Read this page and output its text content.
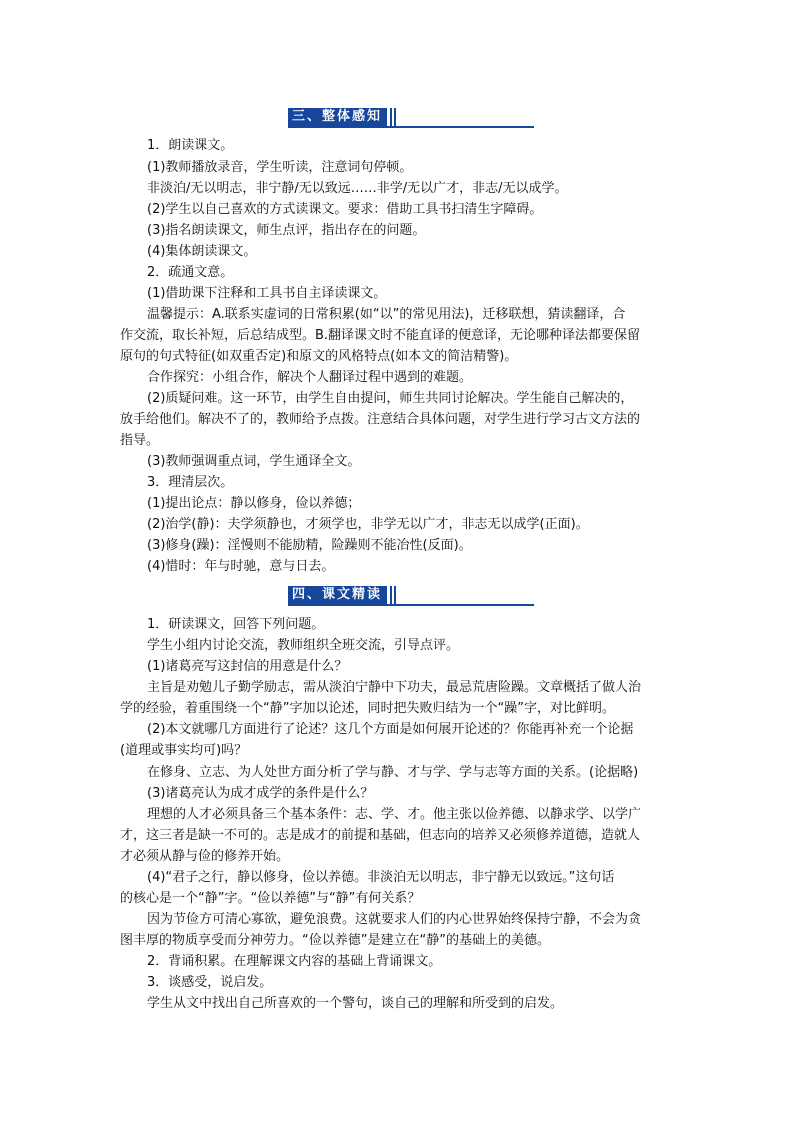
三、整体感知
1．朗读课文。
(1)教师播放录音，学生听读，注意词句停顿。
非淡泊/无以明志，非宁静/无以致远……非学/无以广才，非志/无以成学。
(2)学生以自己喜欢的方式读课文。要求：借助工具书扫清生字障碍。
(3)指名朗读课文，师生点评，指出存在的问题。
(4)集体朗读课文。
2．疏通文意。
(1)借助课下注释和工具书自主译读课文。
温馨提示：A.联系实虚词的日常积累(如“以”的常见用法)，迁移联想，猜读翻译，合
作交流，取长补短，后总结成型。B.翻译课文时不能直译的便意译，无论哪种译法都要保留
原句的句式特征(如双重否定)和原文的风格特点(如本文的简洁精警)。
合作探究：小组合作，解决个人翻译过程中遇到的难题。
(2)质疑问难。这一环节，由学生自由提问，师生共同讨论解决。学生能自己解决的，
放手给他们。解决不了的，教师给予点拨。注意结合具体问题，对学生进行学习古文方法的
指导。
(3)教师强调重点词，学生通译全文。
3．理清层次。
(1)提出论点：静以修身，俭以养德；
(2)治学(静)：夫学须静也，才须学也，非学无以广才，非志无以成学(正面)。
(3)修身(躁)：淫慢则不能励精，险躁则不能冶性(反面)。
(4)惜时：年与时驰，意与日去。
四、课文精读
1．研读课文，回答下列问题。
学生小组内讨论交流，教师组织全班交流，引导点评。
(1)诸葛亮写这封信的用意是什么？
主旨是劝勉儿子勤学励志，需从淡泊宁静中下功夫，最忌荒唐险躁。文章概括了做人治
学的经验，着重围绕一个“静”字加以论述，同时把失败归结为一个“躁”字，对比鲜明。
(2)本文就哪几方面进行了论述？这几个方面是如何展开论述的？你能再补充一个论据
(道理或事实均可)吗？
在修身、立志、为人处世方面分析了学与静、才与学、学与志等方面的关系。(论据略)
(3)诸葛亮认为成才成学的条件是什么？
理想的人才必须具备三个基本条件：志、学、才。他主张以俭养德、以静求学、以学广
才，这三者是缺一不可的。志是成才的前提和基础，但志向的培养又必须修养道德，造就人
才必须从静与俭的修养开始。
(4)“君子之行，静以修身，俭以养德。非淡泊无以明志，非宁静无以致远。”这句话
的核心是一个“静”字。“俭以养德”与“静”有何关系？
因为节俭方可清心寡欲，避免浪费。这就要求人们的内心世界始终保持宁静，不会为贪
图丰厚的物质享受而分神劳力。“俭以养德”是建立在“静”的基础上的美德。
2．背诵积累。在理解课文内容的基础上背诵课文。
3．谈感受，说启发。
学生从文中找出自己所喜欢的一个警句，谈自己的理解和所受到的启发。
